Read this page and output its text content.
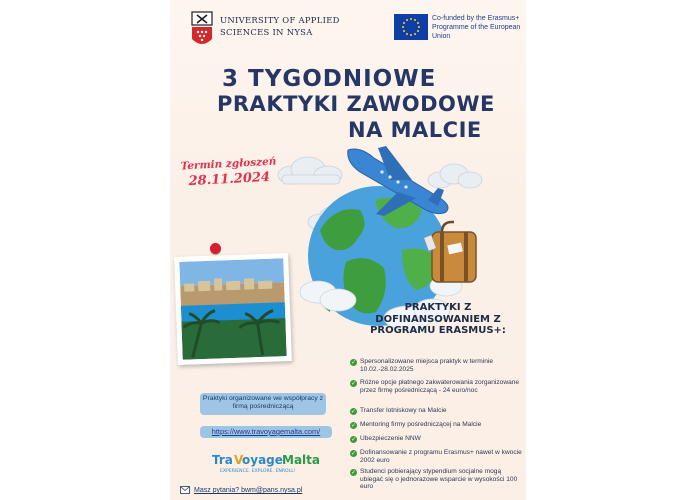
UNIVERSITY OF APPLIED SCIENCES IN NYSA
Co-funded by the Erasmus+ Programme of the European Union
3 TYGODNIOWE
PRAKTYKI ZAWODOWE
NA MALCIE
Termin zgłoszeń
28.11.2024
PRAKTYKI Z DOFINANSOWANIEM Z PROGRAMU ERASMUS+:
✓ Spersonalizowane miejsca praktyk w terminie 10.02.-28.02.2025
✓ Różne opcje płatnego zakwaterowania zorganizowane przez firmę pośredniczącą - 24 euro/noc
✓ Transfer lotniskowy na Malcie
✓ Mentoring firmy pośredniczącej na Malcie
✓ Ubezpieczenie NNW
✓ Dofinansowanie z programu Erasmus+ nawet w kwocie 2002 euro
✓ Studenci pobierający stypendium socjalne mogą ubiegać się o jednorazowe wsparcie w wysokości 100 euro
Praktyki organizowane we współpracy z firmą pośredniczącą
https://www.travoyagemalta.com/
Tra V
oyage Malta
EXPERIENCE. EXPLORE. ENROLL!
Masz pytania? bwm@pans.nysa.pl
